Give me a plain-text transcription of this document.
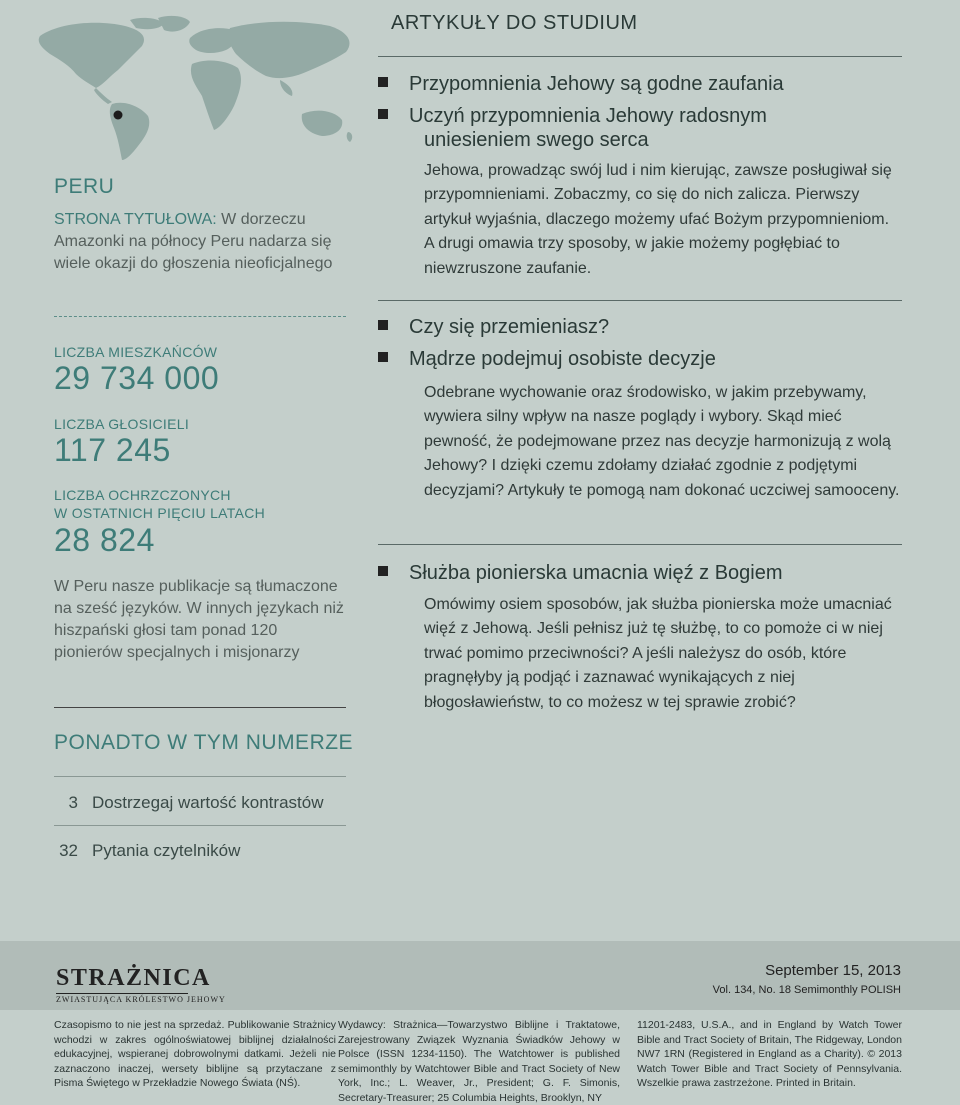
PERU
STRONA TYTUŁOWA: W dorzeczu Amazonki na północy Peru nadarza się wiele okazji do głoszenia nieoficjalnego
LICZBA MIESZKAŃCÓW
29 734 000
LICZBA GŁOSICIELI
117 245
LICZBA OCHRZCZONYCH
W OSTATNICH PIĘCIU LATACH
28 824
W Peru nasze publikacje są tłumaczone na sześć języków. W innych językach niż hiszpański głosi tam ponad 120 pionierów specjalnych i misjonarzy
PONADTO W TYM NUMERZE
3 Dostrzegaj wartość kontrastów
32 Pytania czytelników
ARTYKUŁY DO STUDIUM
Przypomnienia Jehowy są godne zaufania
Uczyń przypomnienia Jehowy radosnym
uniesieniem swego serca
Jehowa, prowadząc swój lud i nim kierując, zawsze posługiwał się przypomnieniami. Zobaczmy, co się do nich zalicza. Pierwszy artykuł wyjaśnia, dlaczego możemy ufać Bożym przypomnieniom. A drugi omawia trzy sposoby, w jakie możemy pogłębiać to niewzruszone zaufanie.
Czy się przemieniasz?
Mądrze podejmuj osobiste decyzje
Odebrane wychowanie oraz środowisko, w jakim przebywamy, wywiera silny wpływ na nasze poglądy i wybory. Skąd mieć pewność, że podejmowane przez nas decyzje harmonizują z wolą Jehowy? I dzięki czemu zdołamy działać zgodnie z podjętymi decyzjami? Artykuły te pomogą nam dokonać uczciwej samooceny.
Służba pionierska umacnia więź z Bogiem
Omówimy osiem sposobów, jak służba pionierska może umacniać więź z Jehową. Jeśli pełnisz już tę służbę, to co pomoże ci w niej trwać pomimo przeciwności? A jeśli należysz do osób, które pragnęłyby ją podjąć i zaznawać wynikających z niej błogosławieństw, to co możesz w tej sprawie zrobić?
STRAŻNICA
ZWIASTUJĄCA KRÓLESTWO JEHOWY
September 15, 2013
Vol. 134, No. 18 Semimonthly POLISH
Czasopismo to nie jest na sprzedaż. Publikowanie Strażnicy wchodzi w zakres ogólnoświatowej biblijnej działalności edukacyjnej, wspieranej dobrowolnymi datkami. Jeżeli nie zaznaczono inaczej, wersety biblijne są przytaczane z Pisma Świętego w Przekładzie Nowego Świata (NŚ).
Wydawcy: Strażnica—Towarzystwo Biblijne i Traktatowe, Zarejestrowany Związek Wyznania Świadków Jehowy w Polsce (ISSN 1234-1150). The Watchtower is published semimonthly by Watchtower Bible and Tract Society of New York, Inc.; L. Weaver, Jr., President; G. F. Simonis, Secretary-Treasurer; 25 Columbia Heights, Brooklyn, NY
11201-2483, U.S.A., and in England by Watch Tower Bible and Tract Society of Britain, The Ridgeway, London NW7 1RN (Registered in England as a Charity). © 2013 Watch Tower Bible and Tract Society of Pennsylvania. Wszelkie prawa zastrzeżone. Printed in Britain.
